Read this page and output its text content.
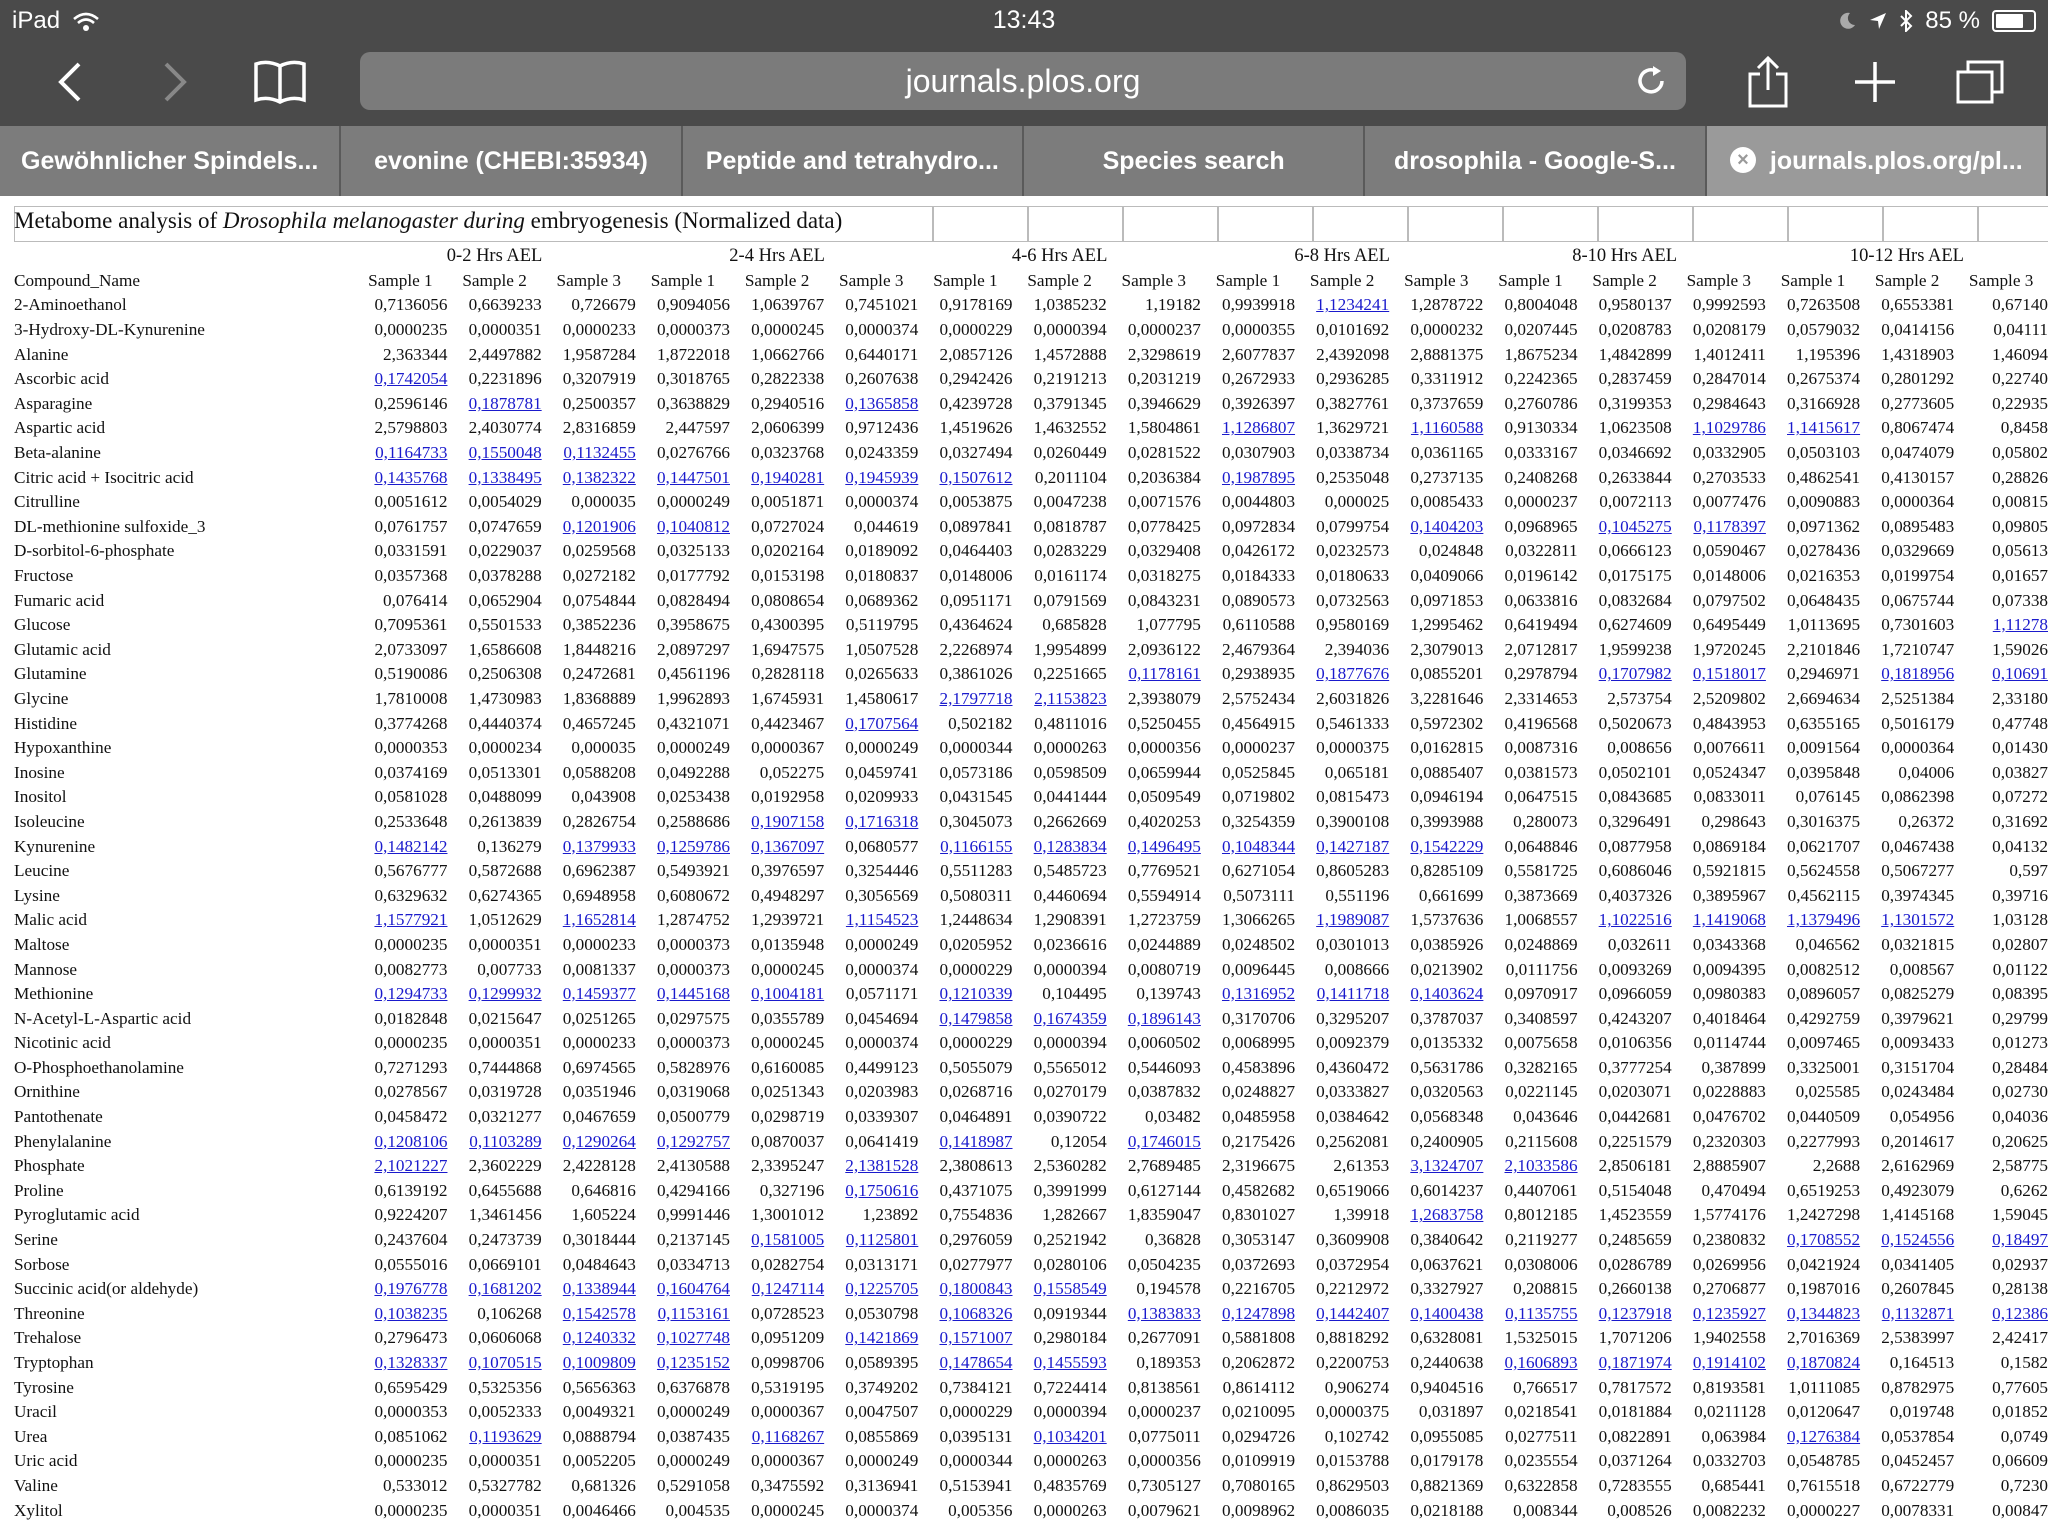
iPad	13:43	85 %
journals.plos.org
Gewöhnlicher Spindels...	evonine (CHEBI:35934)	Peptide and tetrahydro...	Species search	drosophila - Google-S...	× journals.plos.org/pl...
Metabome analysis of Drosophila melanogaster during embryogenesis (Normalized data)
	0-2 Hrs AEL			2-4 Hrs AEL			4-6 Hrs AEL			6-8 Hrs AEL			8-10 Hrs AEL			10-12 Hrs AEL		
Compound_Name	Sample 1	Sample 2	Sample 3	Sample 1	Sample 2	Sample 3	Sample 1	Sample 2	Sample 3	Sample 1	Sample 2	Sample 3	Sample 1	Sample 2	Sample 3	Sample 1	Sample 2	Sample 3
2-Aminoethanol	0,7136056	0,6639233	0,726679	0,9094056	1,0639767	0,7451021	0,9178169	1,0385232	1,19182	0,9939918	1,1234241	1,2878722	0,8004048	0,9580137	0,9992593	0,7263508	0,6553381	0,67140
3-Hydroxy-DL-Kynurenine	0,0000235	0,0000351	0,0000233	0,0000373	0,0000245	0,0000374	0,0000229	0,0000394	0,0000237	0,0000355	0,0101692	0,0000232	0,0207445	0,0208783	0,0208179	0,0579032	0,0414156	0,04111
Alanine	2,363344	2,4497882	1,9587284	1,8722018	1,0662766	0,6440171	2,0857126	1,4572888	2,3298619	2,6077837	2,4392098	2,8881375	1,8675234	1,4842899	1,4012411	1,195396	1,4318903	1,46094
Ascorbic acid	0,1742054	0,2231896	0,3207919	0,3018765	0,2822338	0,2607638	0,2942426	0,2191213	0,2031219	0,2672933	0,2936285	0,3311912	0,2242365	0,2837459	0,2847014	0,2675374	0,2801292	0,22740
Asparagine	0,2596146	0,1878781	0,2500357	0,3638829	0,2940516	0,1365858	0,4239728	0,3791345	0,3946629	0,3926397	0,3827761	0,3737659	0,2760786	0,3199353	0,2984643	0,3166928	0,2773605	0,22935
Aspartic acid	2,5798803	2,4030774	2,8316859	2,447597	2,0606399	0,9712436	1,4519626	1,4632552	1,5804861	1,1286807	1,3629721	1,1160588	0,9130334	1,0623508	1,1029786	1,1415617	0,8067474	0,8458
Beta-alanine	0,1164733	0,1550048	0,1132455	0,0276766	0,0323768	0,0243359	0,0327494	0,0260449	0,0281522	0,0307903	0,0338734	0,0361165	0,0333167	0,0346692	0,0332905	0,0503103	0,0474079	0,05802
Citric acid + Isocitric acid	0,1435768	0,1338495	0,1382322	0,1447501	0,1940281	0,1945939	0,1507612	0,2011104	0,2036384	0,1987895	0,2535048	0,2737135	0,2408268	0,2633844	0,2703533	0,4862541	0,4130157	0,28826
Citrulline	0,0051612	0,0054029	0,000035	0,0000249	0,0051871	0,0000374	0,0053875	0,0047238	0,0071576	0,0044803	0,000025	0,0085433	0,0000237	0,0072113	0,0077476	0,0090883	0,0000364	0,00815
DL-methionine sulfoxide_3	0,0761757	0,0747659	0,1201906	0,1040812	0,0727024	0,044619	0,0897841	0,0818787	0,0778425	0,0972834	0,0799754	0,1404203	0,0968965	0,1045275	0,1178397	0,0971362	0,0895483	0,09805
D-sorbitol-6-phosphate	0,0331591	0,0229037	0,0259568	0,0325133	0,0202164	0,0189092	0,0464403	0,0283229	0,0329408	0,0426172	0,0232573	0,024848	0,0322811	0,0666123	0,0590467	0,0278436	0,0329669	0,05613
Fructose	0,0357368	0,0378288	0,0272182	0,0177792	0,0153198	0,0180837	0,0148006	0,0161174	0,0318275	0,0184333	0,0180633	0,0409066	0,0196142	0,0175175	0,0148006	0,0216353	0,0199754	0,01657
Fumaric acid	0,076414	0,0652904	0,0754844	0,0828494	0,0808654	0,0689362	0,0951171	0,0791569	0,0843231	0,0890573	0,0732563	0,0971853	0,0633816	0,0832684	0,0797502	0,0648435	0,0675744	0,07338
Glucose	0,7095361	0,5501533	0,3852236	0,3958675	0,4300395	0,5119795	0,4364624	0,685828	1,077795	0,6110588	0,9580169	1,2995462	0,6419494	0,6274609	0,6495449	1,0113695	0,7301603	1,11278
Glutamic acid	2,0733097	1,6586608	1,8448216	2,0897297	1,6947575	1,0507528	2,2268974	1,9954899	2,0936122	2,4679364	2,394036	2,3079013	2,0712817	1,9599238	1,9720245	2,2101846	1,7210747	1,59026
Glutamine	0,5190086	0,2506308	0,2472681	0,4561196	0,2828118	0,0265633	0,3861026	0,2251665	0,1178161	0,2938935	0,1877676	0,0855201	0,2978794	0,1707982	0,1518017	0,2946971	0,1818956	0,10691
Glycine	1,7810008	1,4730983	1,8368889	1,9962893	1,6745931	1,4580617	2,1797718	2,1153823	2,3938079	2,5752434	2,6031826	3,2281646	2,3314653	2,573754	2,5209802	2,6694634	2,5251384	2,33180
Histidine	0,3774268	0,4440374	0,4657245	0,4321071	0,4423467	0,1707564	0,502182	0,4811016	0,5250455	0,4564915	0,5461333	0,5972302	0,4196568	0,5020673	0,4843953	0,6355165	0,5016179	0,47748
Hypoxanthine	0,0000353	0,0000234	0,000035	0,0000249	0,0000367	0,0000249	0,0000344	0,0000263	0,0000356	0,0000237	0,0000375	0,0162815	0,0087316	0,008656	0,0076611	0,0091564	0,0000364	0,01430
Inosine	0,0374169	0,0513301	0,0588208	0,0492288	0,052275	0,0459741	0,0573186	0,0598509	0,0659944	0,0525845	0,065181	0,0885407	0,0381573	0,0502101	0,0524347	0,0395848	0,04006	0,03827
Inositol	0,0581028	0,0488099	0,043908	0,0253438	0,0192958	0,0209933	0,0431545	0,0441444	0,0509549	0,0719802	0,0815473	0,0946194	0,0647515	0,0843685	0,0833011	0,076145	0,0862398	0,07272
Isoleucine	0,2533648	0,2613839	0,2826754	0,2588686	0,1907158	0,1716318	0,3045073	0,2662669	0,4020253	0,3254359	0,3900108	0,3993988	0,280073	0,3296491	0,298643	0,3016375	0,26372	0,31692
Kynurenine	0,1482142	0,136279	0,1379933	0,1259786	0,1367097	0,0680577	0,1166155	0,1283834	0,1496495	0,1048344	0,1427187	0,1542229	0,0648846	0,0877958	0,0869184	0,0621707	0,0467438	0,04132
Leucine	0,5676777	0,5872688	0,6962387	0,5493921	0,3976597	0,3254446	0,5511283	0,5485723	0,7769521	0,6271054	0,8605283	0,8285109	0,5581725	0,6086046	0,5921815	0,5624558	0,5067277	0,597
Lysine	0,6329632	0,6274365	0,6948958	0,6080672	0,4948297	0,3056569	0,5080311	0,4460694	0,5594914	0,5073111	0,551196	0,661699	0,3873669	0,4037326	0,3895967	0,4562115	0,3974345	0,39716
Malic acid	1,1577921	1,0512629	1,1652814	1,2874752	1,2939721	1,1154523	1,2448634	1,2908391	1,2723759	1,3066265	1,1989087	1,5737636	1,0068557	1,1022516	1,1419068	1,1379496	1,1301572	1,03128
Maltose	0,0000235	0,0000351	0,0000233	0,0000373	0,0135948	0,0000249	0,0205952	0,0236616	0,0244889	0,0248502	0,0301013	0,0385926	0,0248869	0,032611	0,0343368	0,046562	0,0321815	0,02807
Mannose	0,0082773	0,007733	0,0081337	0,0000373	0,0000245	0,0000374	0,0000229	0,0000394	0,0080719	0,0096445	0,008666	0,0213902	0,0111756	0,0093269	0,0094395	0,0082512	0,008567	0,01122
Methionine	0,1294733	0,1299932	0,1459377	0,1445168	0,1004181	0,0571171	0,1210339	0,104495	0,139743	0,1316952	0,1411718	0,1403624	0,0970917	0,0966059	0,0980383	0,0896057	0,0825279	0,08395
N-Acetyl-L-Aspartic acid	0,0182848	0,0215647	0,0251265	0,0297575	0,0355789	0,0454694	0,1479858	0,1674359	0,1896143	0,3170706	0,3295207	0,3787037	0,3408597	0,4243207	0,4018464	0,4292759	0,3979621	0,29799
Nicotinic acid	0,0000235	0,0000351	0,0000233	0,0000373	0,0000245	0,0000374	0,0000229	0,0000394	0,0060502	0,0068995	0,0092379	0,0135332	0,0075658	0,0106356	0,0114744	0,0097465	0,0093433	0,01273
O-Phosphoethanolamine	0,7271293	0,7444868	0,6974565	0,5828976	0,6160085	0,4499123	0,5055079	0,5565012	0,5446093	0,4583896	0,4360472	0,5631786	0,3282165	0,3777254	0,387899	0,3325001	0,3151704	0,28484
Ornithine	0,0278567	0,0319728	0,0351946	0,0319068	0,0251343	0,0203983	0,0268716	0,0270179	0,0387832	0,0248827	0,0333827	0,0320563	0,0221145	0,0203071	0,0228883	0,025585	0,0243484	0,02730
Pantothenate	0,0458472	0,0321277	0,0467659	0,0500779	0,0298719	0,0339307	0,0464891	0,0390722	0,03482	0,0485958	0,0384642	0,0568348	0,043646	0,0442681	0,0476702	0,0440509	0,054956	0,04036
Phenylalanine	0,1208106	0,1103289	0,1290264	0,1292757	0,0870037	0,0641419	0,1418987	0,12054	0,1746015	0,2175426	0,2562081	0,2400905	0,2115608	0,2251579	0,2320303	0,2277993	0,2014617	0,20625
Phosphate	2,1021227	2,3602229	2,4228128	2,4130588	2,3395247	2,1381528	2,3808613	2,5360282	2,7689485	2,3196675	2,61353	3,1324707	2,1033586	2,8506181	2,8885907	2,2688	2,6162969	2,58775
Proline	0,6139192	0,6455688	0,646816	0,4294166	0,327196	0,1750616	0,4371075	0,3991999	0,6127144	0,4582682	0,6519066	0,6014237	0,4407061	0,5154048	0,470494	0,6519253	0,4923079	0,6262
Pyroglutamic acid	0,9224207	1,3461456	1,605224	0,9991446	1,3001012	1,23892	0,7554836	1,282667	1,8359047	0,8301027	1,39918	1,2683758	0,8012185	1,4523559	1,5774176	1,2427298	1,4145168	1,59045
Serine	0,2437604	0,2473739	0,3018444	0,2137145	0,1581005	0,1125801	0,2976059	0,2521942	0,36828	0,3053147	0,3609908	0,3840642	0,2119277	0,2485659	0,2380832	0,1708552	0,1524556	0,18497
Sorbose	0,0555016	0,0669101	0,0484643	0,0334713	0,0282754	0,0313171	0,0277977	0,0280106	0,0504235	0,0372693	0,0372954	0,0637621	0,0308006	0,0286789	0,0269956	0,0421924	0,0341405	0,02937
Succinic acid(or aldehyde)	0,1976778	0,1681202	0,1338944	0,1604764	0,1247114	0,1225705	0,1800843	0,1558549	0,194578	0,2216705	0,2212972	0,3327927	0,208815	0,2660138	0,2706877	0,1987016	0,2607845	0,28138
Threonine	0,1038235	0,106268	0,1542578	0,1153161	0,0728523	0,0530798	0,1068326	0,0919344	0,1383833	0,1247898	0,1442407	0,1400438	0,1135755	0,1237918	0,1235927	0,1344823	0,1132871	0,12386
Trehalose	0,2796473	0,0606068	0,1240332	0,1027748	0,0951209	0,1421869	0,1571007	0,2980184	0,2677091	0,5881808	0,8818292	0,6328081	1,5325015	1,7071206	1,9402558	2,7016369	2,5383997	2,42417
Tryptophan	0,1328337	0,1070515	0,1009809	0,1235152	0,0998706	0,0589395	0,1478654	0,1455593	0,189353	0,2062872	0,2200753	0,2440638	0,1606893	0,1871974	0,1914102	0,1870824	0,164513	0,1582
Tyrosine	0,6595429	0,5325356	0,5656363	0,6376878	0,5319195	0,3749202	0,7384121	0,7224414	0,8138561	0,8614112	0,906274	0,9404516	0,766517	0,7817572	0,8193581	1,0111085	0,8782975	0,77605
Uracil	0,0000353	0,0052333	0,0049321	0,0000249	0,0000367	0,0047507	0,0000229	0,0000394	0,0000237	0,0210095	0,0000375	0,031897	0,0218541	0,0181884	0,0211128	0,0120647	0,019748	0,01852
Urea	0,0851062	0,1193629	0,0888794	0,0387435	0,1168267	0,0855869	0,0395131	0,1034201	0,0775011	0,0294726	0,102742	0,0955085	0,0277511	0,0822891	0,063984	0,1276384	0,0537854	0,0749
Uric acid	0,0000235	0,0000351	0,0052205	0,0000249	0,0000367	0,0000249	0,0000344	0,0000263	0,0000356	0,0109919	0,0153788	0,0179178	0,0235554	0,0371264	0,0332703	0,0548785	0,0452457	0,06609
Valine	0,533012	0,5327782	0,681326	0,5291058	0,3475592	0,3136941	0,5153941	0,4835769	0,7305127	0,7080165	0,8629503	0,8821369	0,6322858	0,7283555	0,685441	0,7615518	0,6722779	0,7230
Xylitol	0,0000235	0,0000351	0,0046466	0,004535	0,0000245	0,0000374	0,005356	0,0000263	0,0079621	0,0098962	0,0086035	0,0218188	0,008344	0,008526	0,0082232	0,0000227	0,0078331	0,00847
